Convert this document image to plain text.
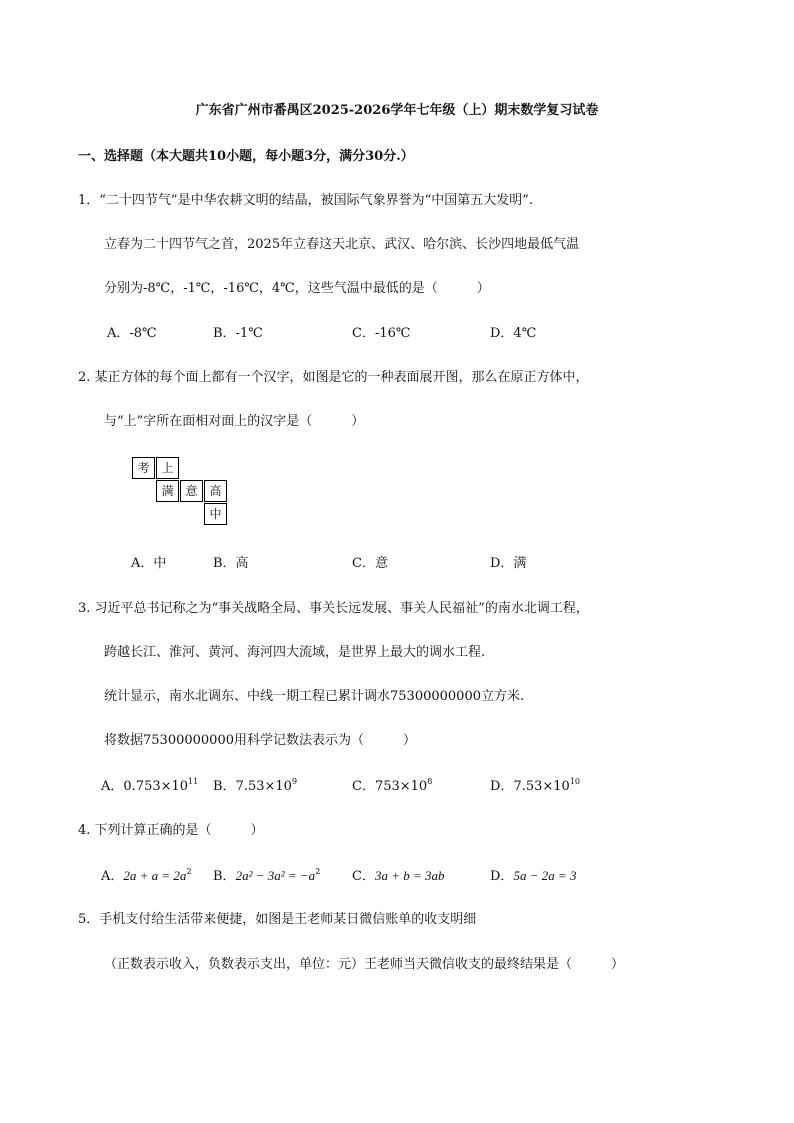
广东省广州市番禺区2025-2026学年七年级（上）期末数学复习试卷
一、选择题（本大题共10小题，每小题3分，满分30分.）
1．“二十四节气”是中华农耕文明的结晶，被国际气象界誉为“中国第五大发明”.
立春为二十四节气之首，2025年立春这天北京、武汉、哈尔滨、长沙四地最低气温
分别为-8℃，-1℃，-16℃，4℃，这些气温中最低的是（　　　）
A．-8℃	B．-1℃	C．-16℃	D．4℃
2. 某正方体的每个面上都有一个汉字，如图是它的一种表面展开图，那么在原正方体中，
与“上”字所在面相对面上的汉字是（　　　）
考 上
满 意 高
中
A．中	B．高	C．意	D．满
3. 习近平总书记称之为“事关战略全局、事关长远发展、事关人民福祉”的南水北调工程，
跨越长江、淮河、黄河、海河四大流域，是世界上最大的调水工程.
统计显示，南水北调东、中线一期工程已累计调水75300000000立方米.
将数据75300000000用科学记数法表示为（　　　）
A．$0.753\times 10^{11}$ B．$7.53\times 10^9$	C．$753\times 10^8$	D．$7.53\times 10^{10}$
4. 下列计算正确的是（　　　）
A．$2a + a = 2a^2$ B．$2a^2 - 3a^2 = -a^2$ C．3a + b = 3ab	D．5a − 2a = 3
5．手机支付给生活带来便捷，如图是王老师某日微信账单的收支明细
（正数表示收入，负数表示支出，单位：元）王老师当天微信收支的最终结果是（　　　）
